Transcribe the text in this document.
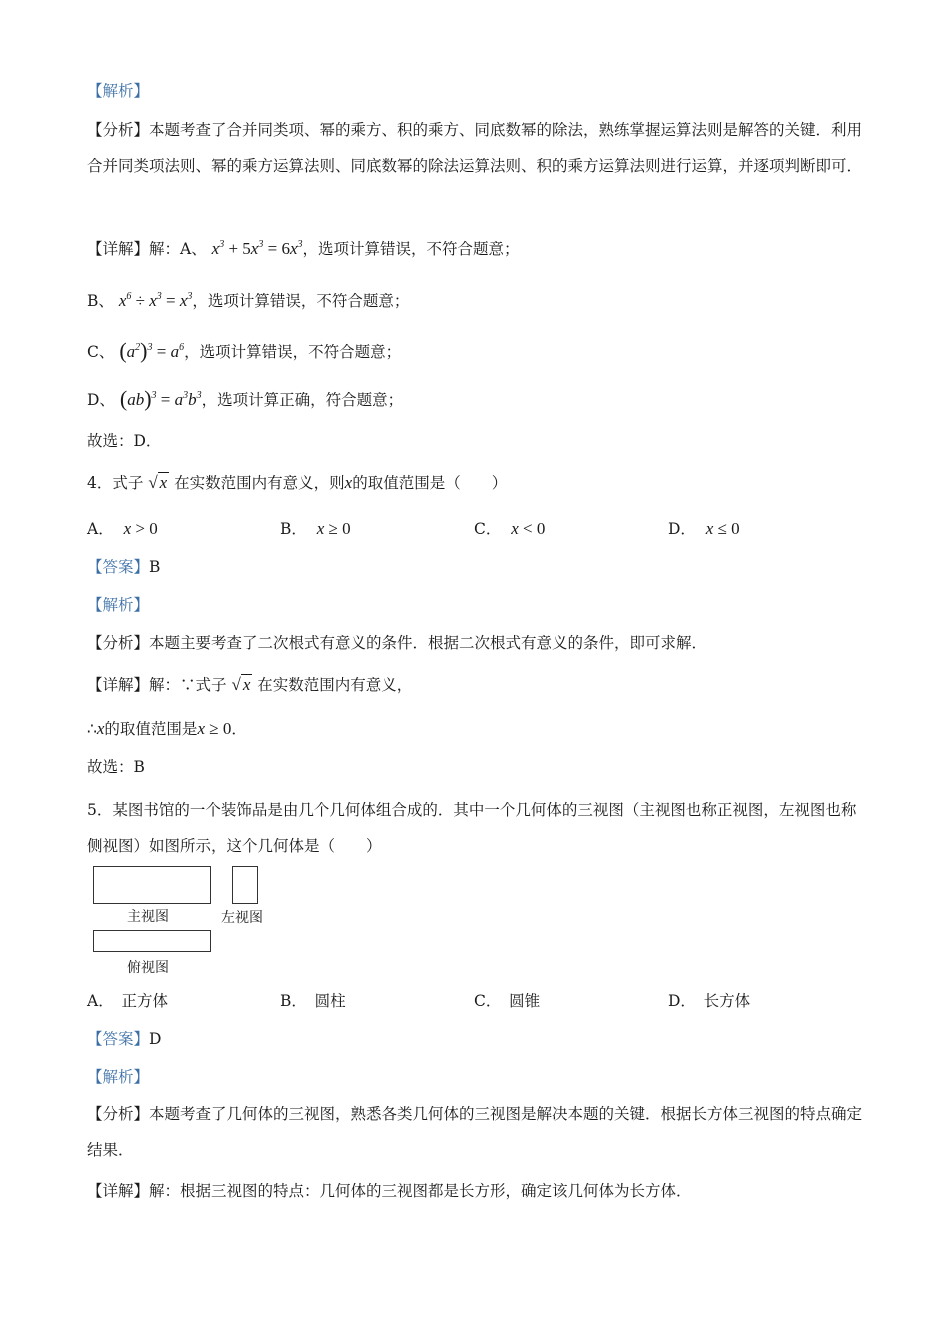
【解析】
【分析】本题考查了合并同类项、幂的乘方、积的乘方、同底数幂的除法，熟练掌握运算法则是解答的关键．利用合并同类项法则、幂的乘方运算法则、同底数幂的除法运算法则、积的乘方运算法则进行运算，并逐项判断即可．
【详解】解：A、 $x^3 + 5x^3 = 6x^3$，选项计算错误，不符合题意；
B、 $x^6 \div x^3 = x^3$，选项计算错误，不符合题意；
C、 $(a^2)^3 = a^6$，选项计算错误，不符合题意；
D、 $(ab)^3 = a^3b^3$，选项计算正确，符合题意；
故选：D．
4．式子 √ x 在实数范围内有意义，则x的取值范围是（　　）
A． x > 0	B． x ≥ 0	C． x < 0	D． x ≤ 0
【答案】B
【解析】
【分析】本题主要考查了二次根式有意义的条件．根据二次根式有意义的条件，即可求解．
【详解】解：∵式子 √ x 在实数范围内有意义，
∴x的取值范围是x ≥ 0．
故选：B
5．某图书馆的一个装饰品是由几个几何体组合成的．其中一个几何体的三视图（主视图也称正视图，左视图也称侧视图）如图所示，这个几何体是（　　）
主视图	左视图
俯视图
A．　正方体	B．　圆柱	C．　圆锥	D．　长方体
【答案】D
【解析】
【分析】本题考查了几何体的三视图，熟悉各类几何体的三视图是解决本题的关键．根据长方体三视图的特点确定结果．
【详解】解：根据三视图的特点：几何体的三视图都是长方形，确定该几何体为长方体．
